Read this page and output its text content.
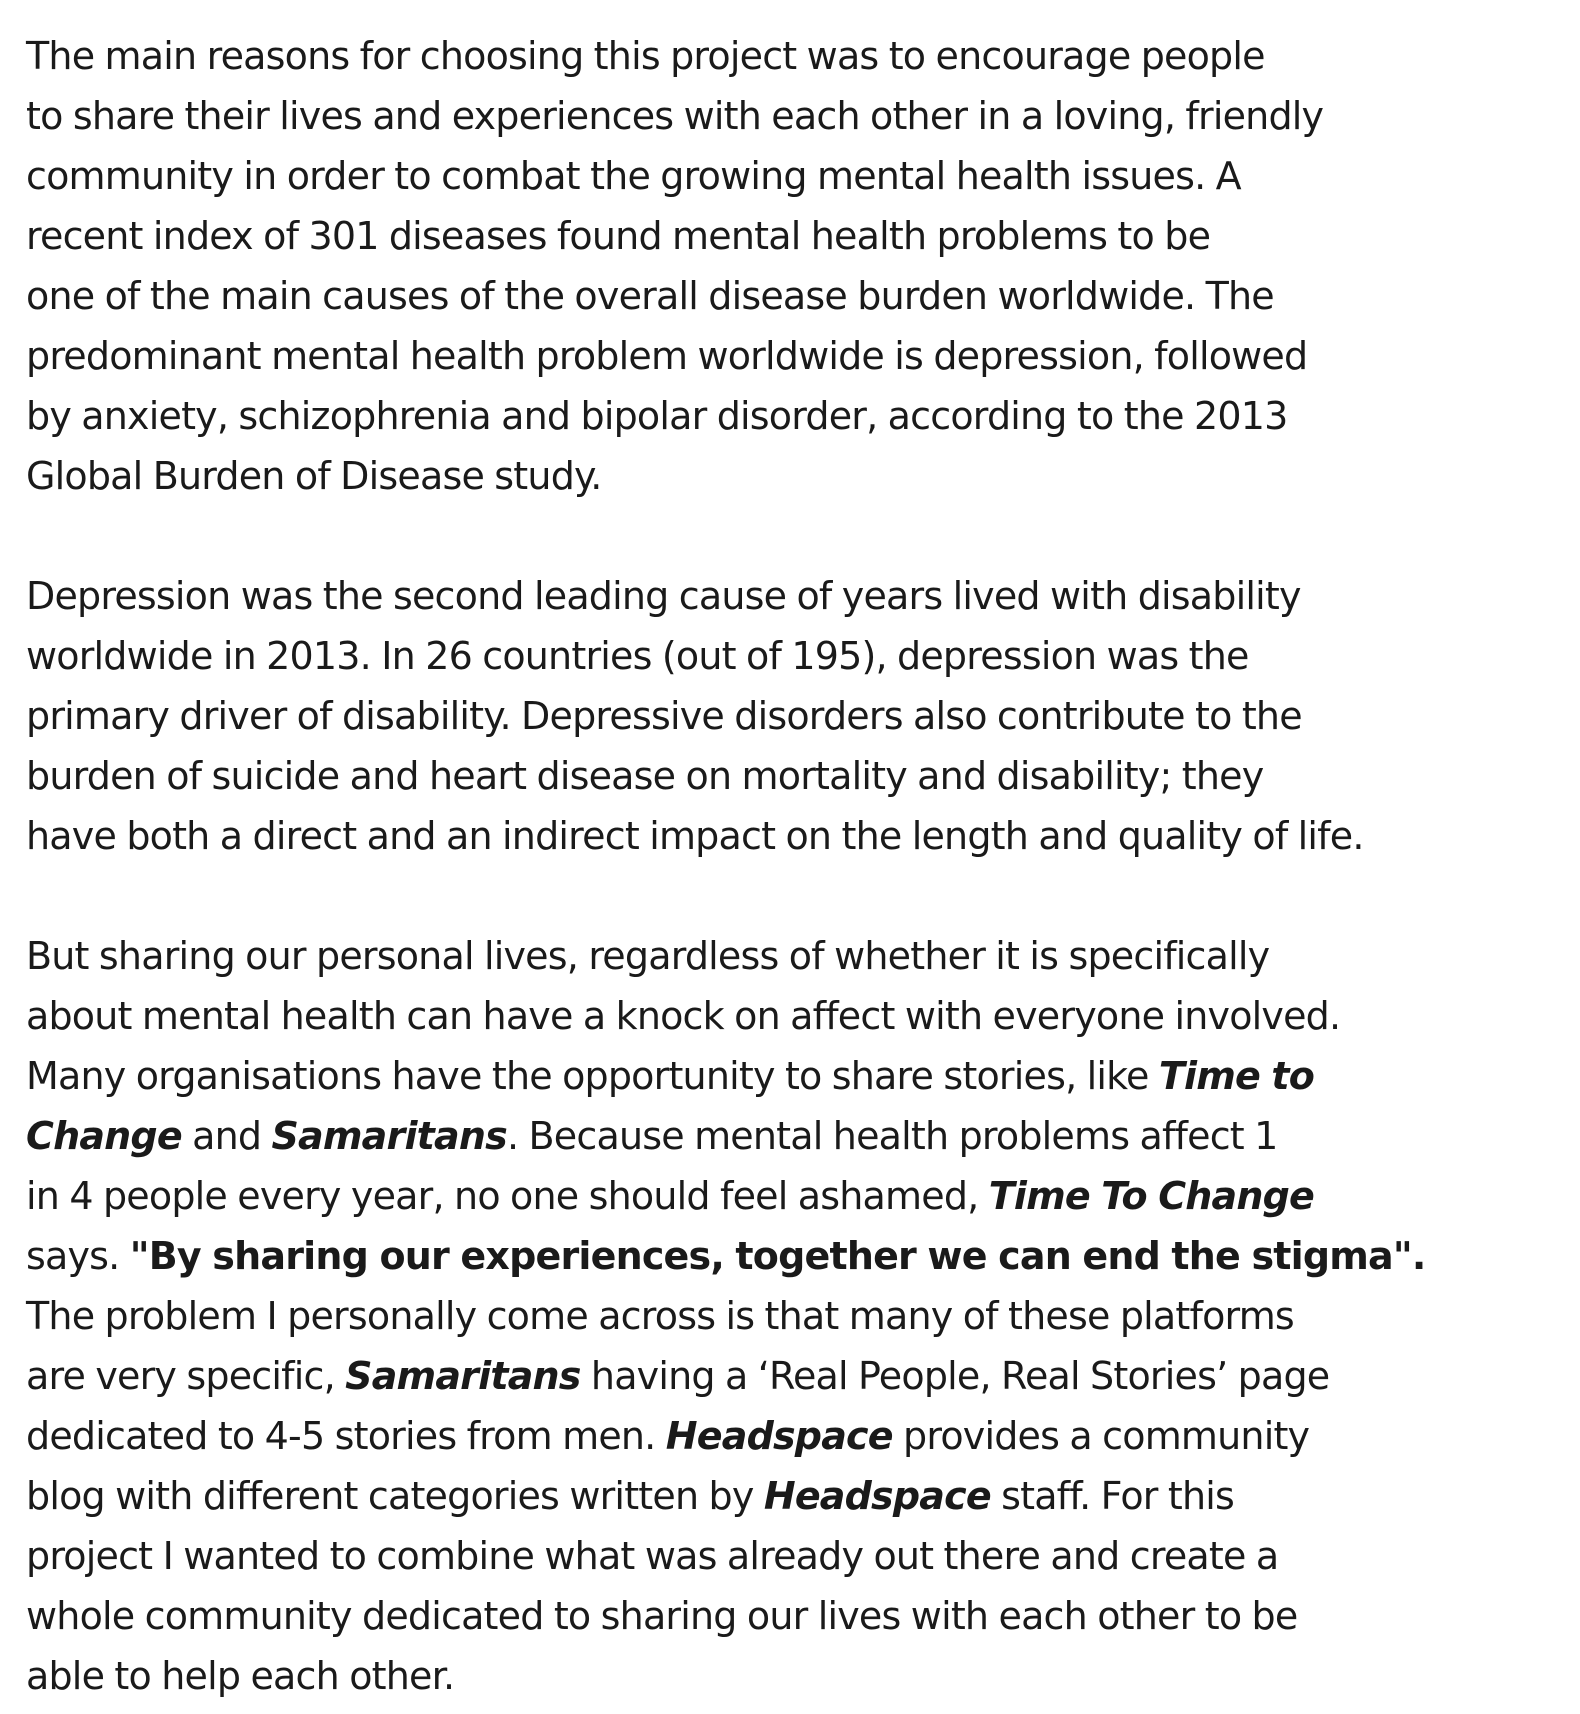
The main reasons for choosing this project was to encourage people
to share their lives and experiences with each other in a loving, friendly
community in order to combat the growing mental health issues. A
recent index of 301 diseases found mental health problems to be
one of the main causes of the overall disease burden worldwide. The
predominant mental health problem worldwide is depression, followed
by anxiety, schizophrenia and bipolar disorder, according to the 2013
Global Burden of Disease study.
Depression was the second leading cause of years lived with disability
worldwide in 2013. In 26 countries (out of 195), depression was the
primary driver of disability. Depressive disorders also contribute to the
burden of suicide and heart disease on mortality and disability; they
have both a direct and an indirect impact on the length and quality of life.
But sharing our personal lives, regardless of whether it is specifically
about mental health can have a knock on affect with everyone involved.
Many organisations have the opportunity to share stories, like Time to
Change and Samaritans. Because mental health problems affect 1
in 4 people every year, no one should feel ashamed, Time To Change
says. "By sharing our experiences, together we can end the stigma".
The problem I personally come across is that many of these platforms
are very specific, Samaritans having a ‘Real People, Real Stories’ page
dedicated to 4-5 stories from men. Headspace provides a community
blog with different categories written by Headspace staff. For this
project I wanted to combine what was already out there and create a
whole community dedicated to sharing our lives with each other to be
able to help each other.
